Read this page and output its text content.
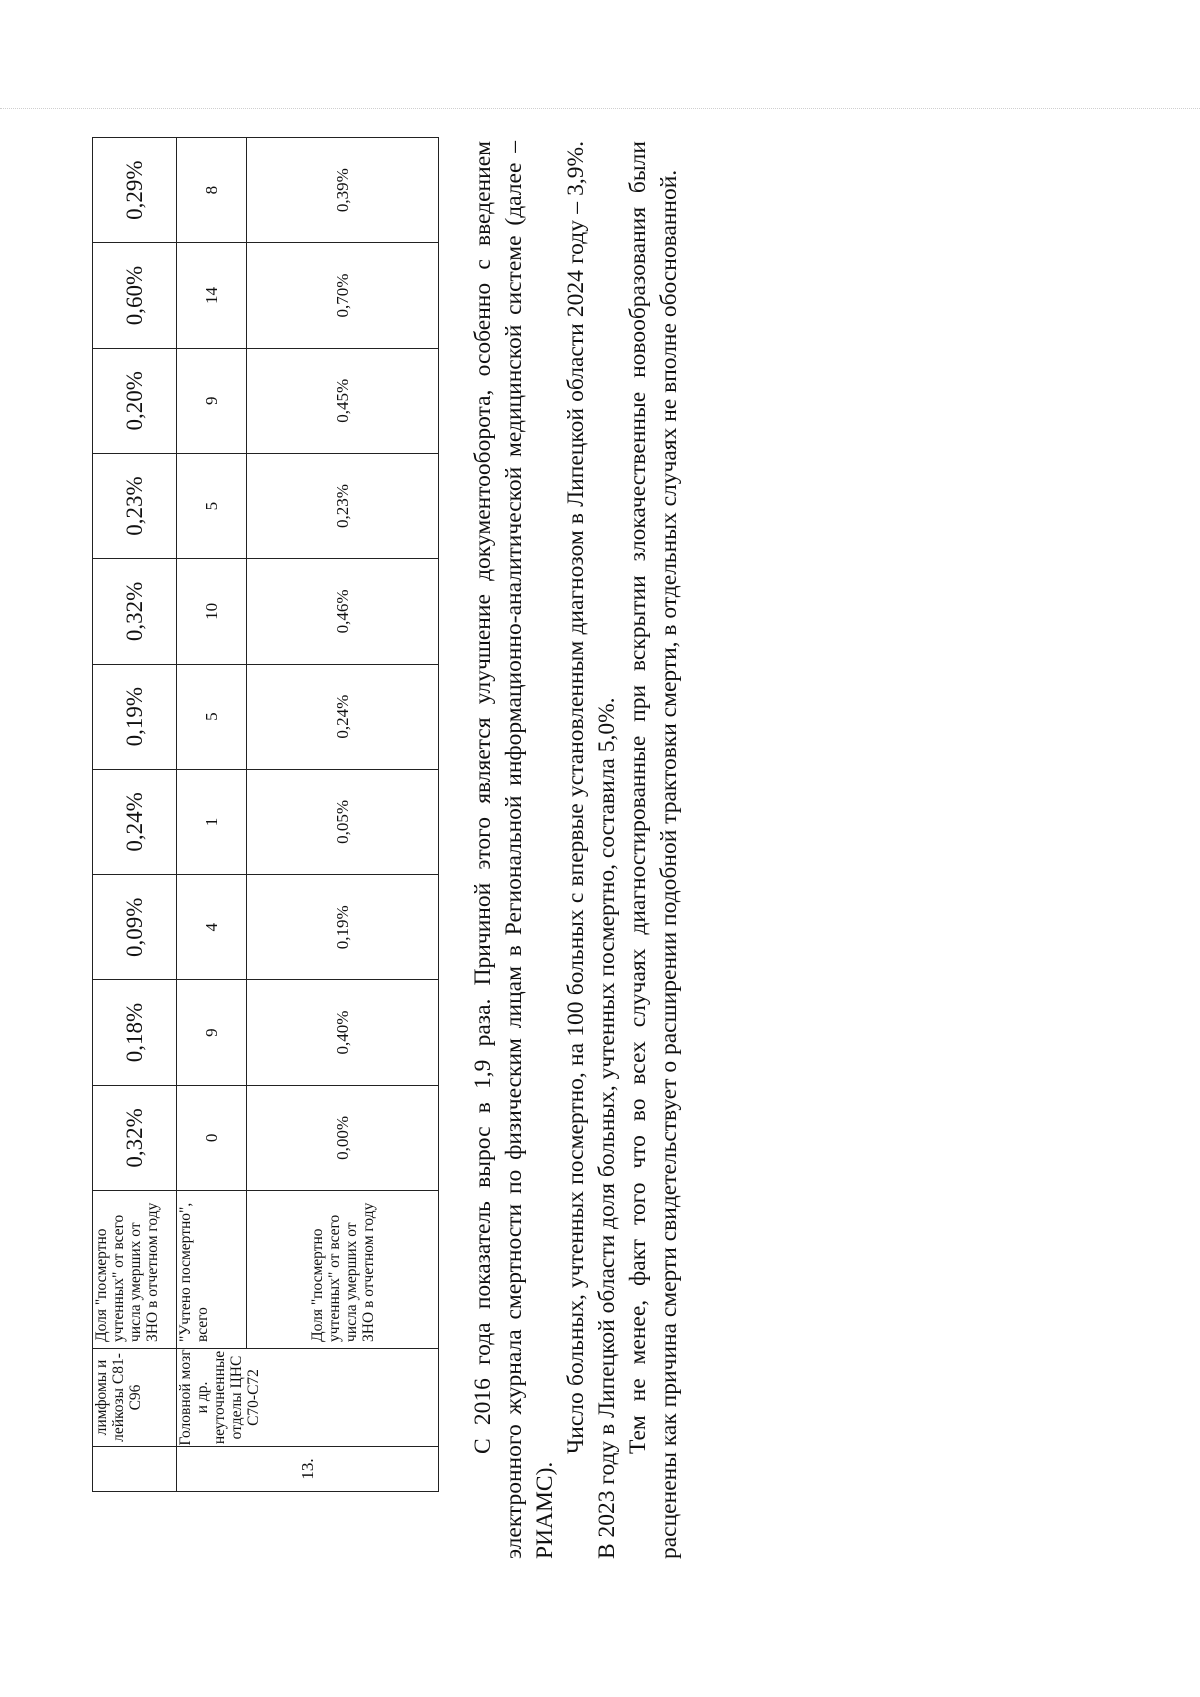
	лимфомы и лейкозы C81-C96	Доля "посмертно учтенных" от всего числа умерших от ЗНО в отчетном году	0,32%	0,18%	0,09%	0,24%	0,19%	0,32%	0,23%	0,20%	0,60%	0,29%
13.	Головной мозг и др. неуточненные отделы ЦНС C70-C72	"Учтено посмертно", всего	0	9	4	1	5	10	5	9	14	8
		Доля "посмертно учтенных" от всего числа умерших от ЗНО в отчетном году	0,00%	0,40%	0,19%	0,05%	0,24%	0,46%	0,23%	0,45%	0,70%	0,39%	С 2016 года показатель вырос в 1,9 раза. Причиной этого является улучшение документооборота, особенно с введением электронного журнала смертности по физическим лицам в Региональной информационно-аналитической медицинской системе (далее – РИАМС).

Число больных, учтенных посмертно, на 100 больных с впервые установленным диагнозом в Липецкой области 2024 году – 3,9%. В 2023 году в Липецкой области доля больных, учтенных посмертно, составила 5,0%. Тем не менее, факт того что во всех случаях диагностированные при вскрытии злокачественные новообразования были расценены как причина смерти свидетельствует о расширении подобной трактовки смерти, в отдельных случаях не вполне обоснованной.
